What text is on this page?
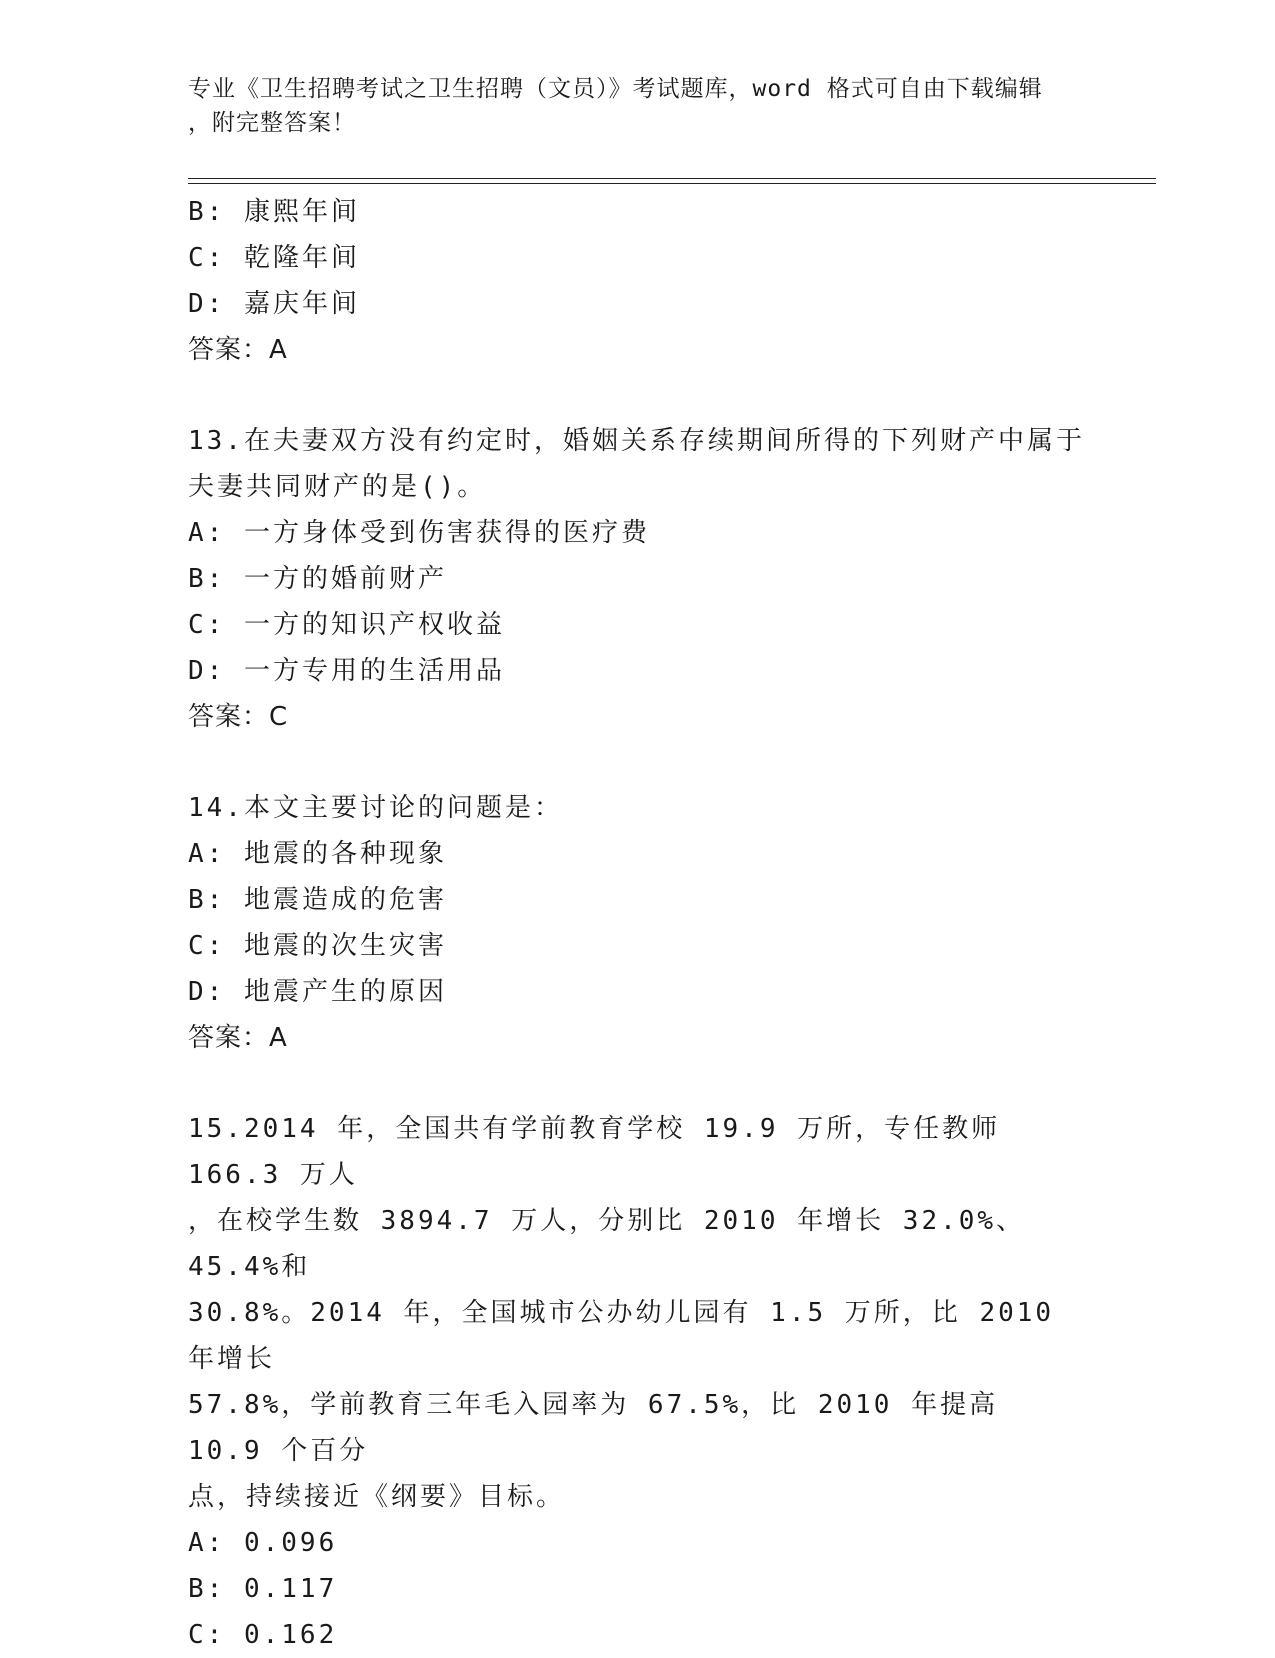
专业《卫生招聘考试之卫生招聘（文员）》考试题库，word 格式可自由下载编辑
，附完整答案！
B: 康熙年间
C: 乾隆年间
D: 嘉庆年间
答案：A
13.在夫妻双方没有约定时，婚姻关系存续期间所得的下列财产中属于
夫妻共同财产的是()。
A: 一方身体受到伤害获得的医疗费
B: 一方的婚前财产
C: 一方的知识产权收益
D: 一方专用的生活用品
答案：C
14.本文主要讨论的问题是：
A: 地震的各种现象
B: 地震造成的危害
C: 地震的次生灾害
D: 地震产生的原因
答案：A
15.2014 年，全国共有学前教育学校 19.9 万所，专任教师 166.3 万人
，在校学生数 3894.7 万人，分别比 2010 年增长 32.0%、45.4%和
30.8%。2014 年，全国城市公办幼儿园有 1.5 万所，比 2010 年增长
57.8%，学前教育三年毛入园率为 67.5%，比 2010 年提高 10.9 个百分
点，持续接近《纲要》目标。
A: 0.096
B: 0.117
C: 0.162
